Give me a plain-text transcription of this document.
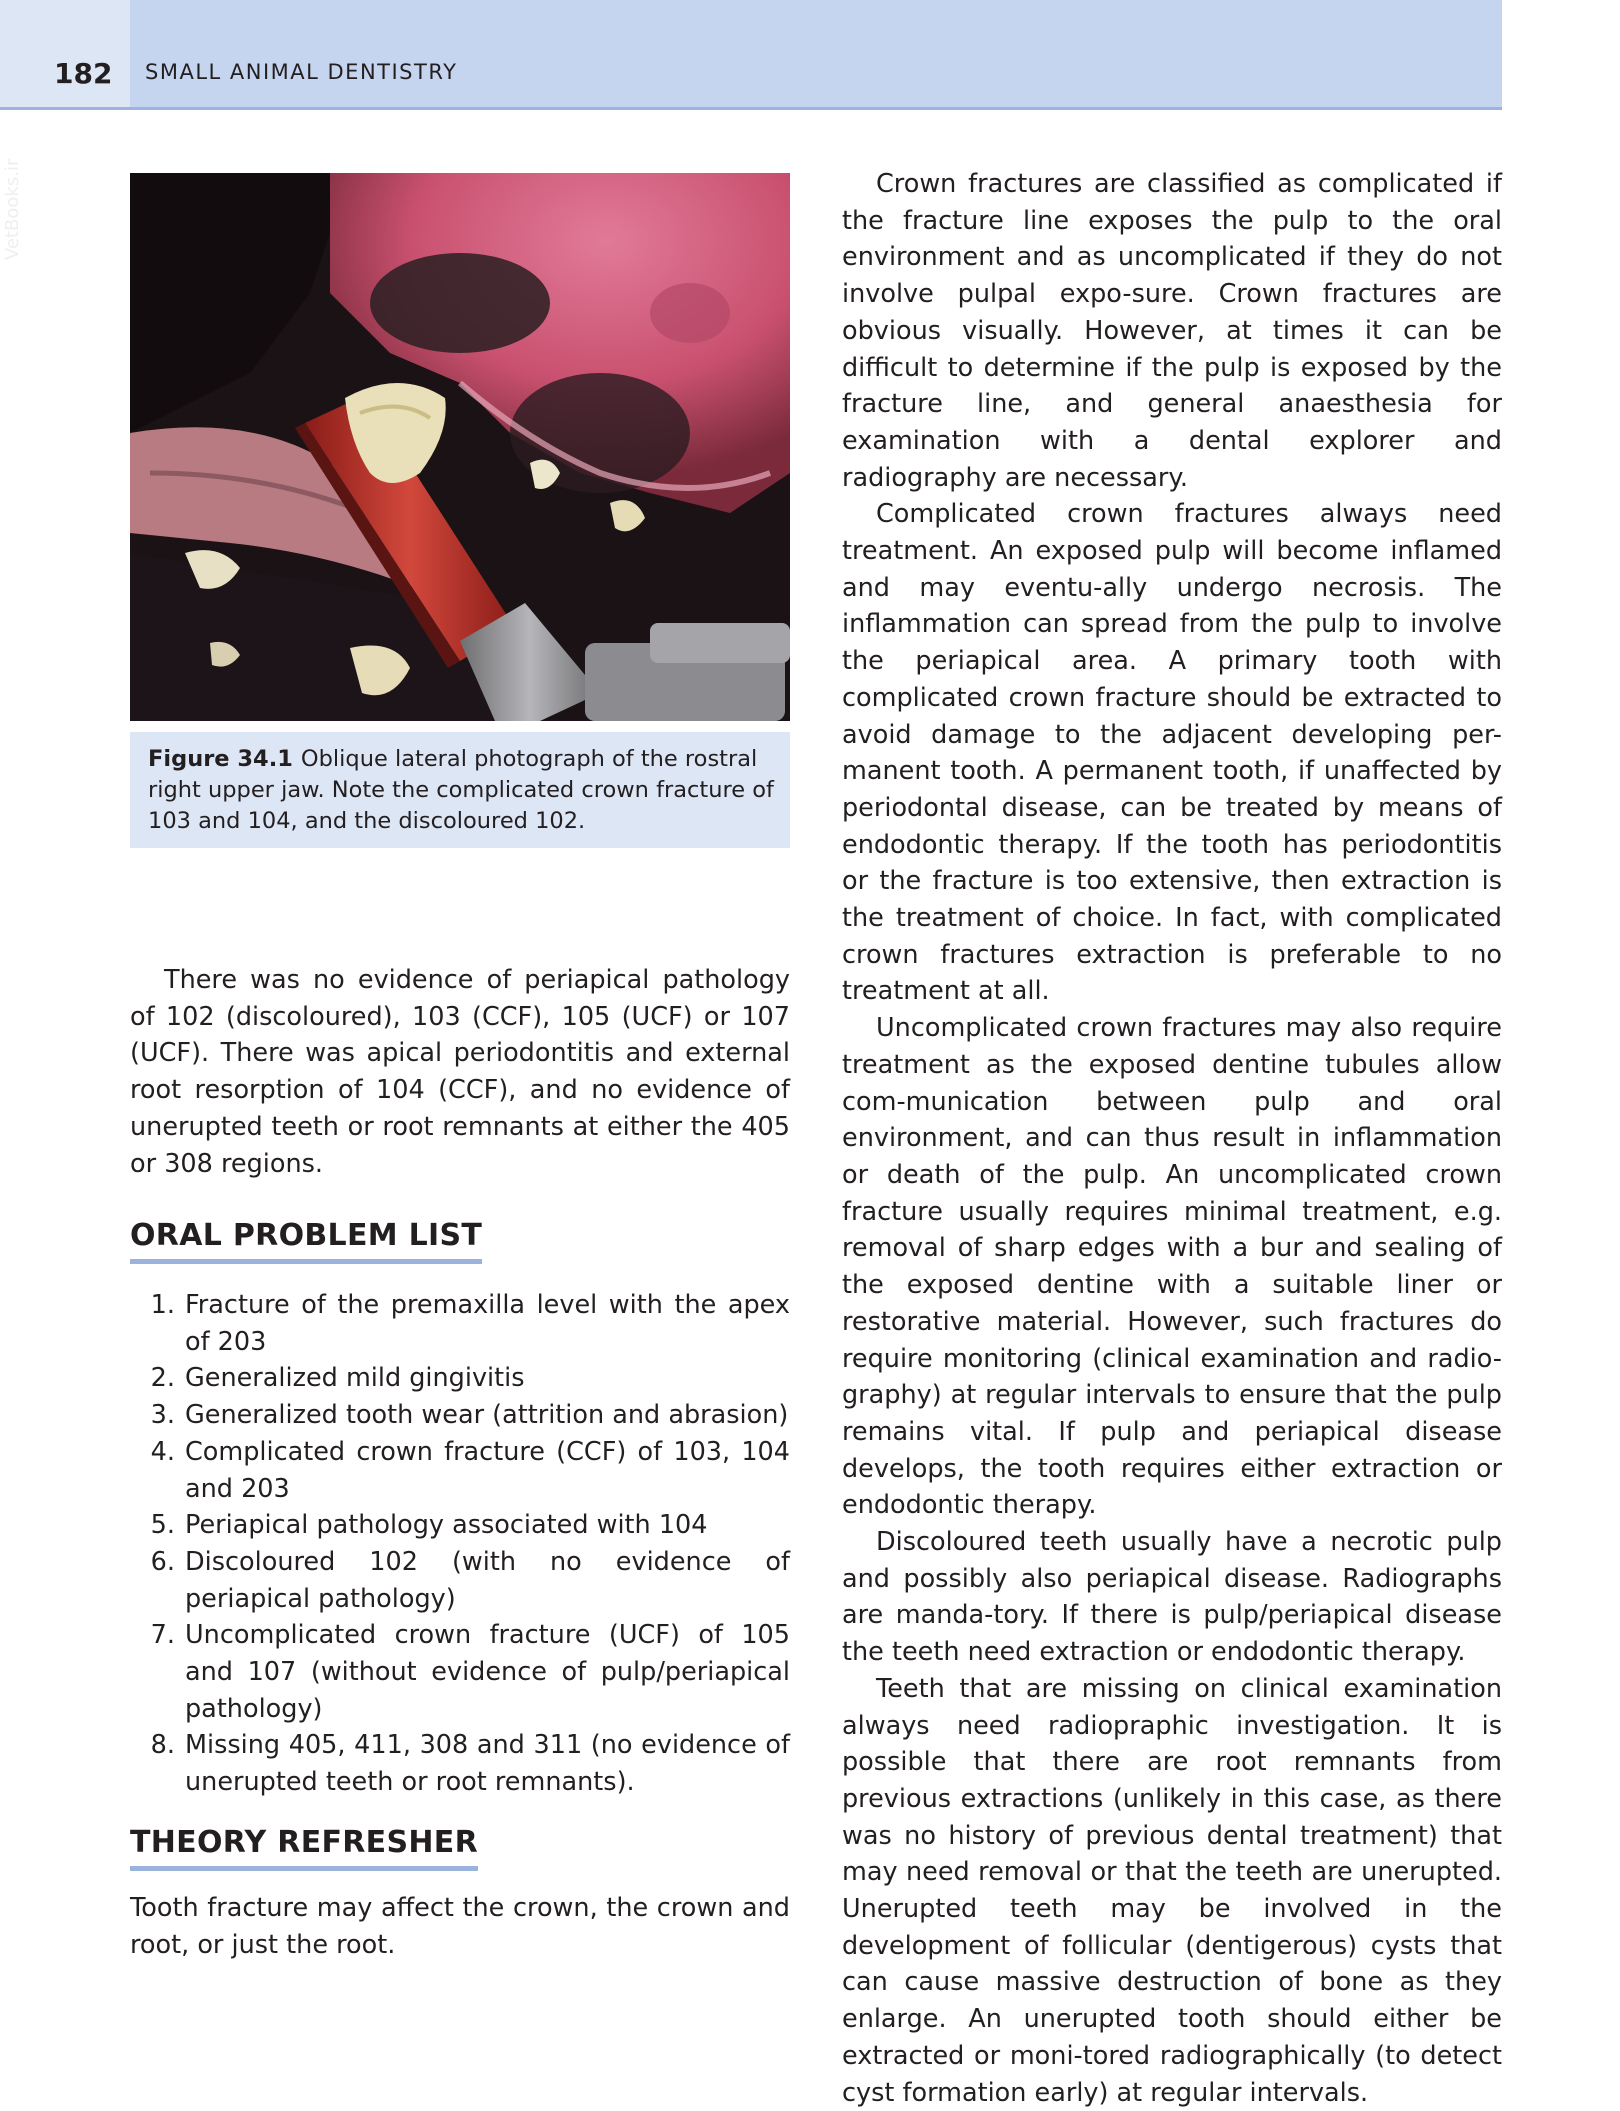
182 SMALL ANIMAL DENTISTRY
VetBooks.ir
Figure 34.1 Oblique lateral photograph of the rostral right upper jaw. Note the complicated crown fracture of 103 and 104, and the discoloured 102.

There was no evidence of periapical pathology of 102 (discoloured), 103 (CCF), 105 (UCF) or 107 (UCF). There was apical periodontitis and external root resorption of 104 (CCF), and no evidence of unerupted teeth or root remnants at either the 405 or 308 regions.

ORAL PROBLEM LIST
1. Fracture of the premaxilla level with the apex of 203
2. Generalized mild gingivitis
3. Generalized tooth wear (attrition and abrasion)
4. Complicated crown fracture (CCF) of 103, 104 and 203
5. Periapical pathology associated with 104
6. Discoloured 102 (with no evidence of periapical pathology)
7. Uncomplicated crown fracture (UCF) of 105 and 107 (without evidence of pulp/periapical pathology)
8. Missing 405, 411, 308 and 311 (no evidence of unerupted teeth or root remnants).
THEORY REFRESHER

Tooth fracture may affect the crown, the crown and root, or just the root.

Crown fractures are classified as complicated if the fracture line exposes the pulp to the oral environment and as uncomplicated if they do not involve pulpal expo-sure. Crown fractures are obvious visually. However, at times it can be difficult to determine if the pulp is exposed by the fracture line, and general anaesthesia for examination with a dental explorer and radiography are necessary.

Complicated crown fractures always need treatment. An exposed pulp will become inflamed and may eventu-ally undergo necrosis. The inflammation can spread from the pulp to involve the periapical area. A primary tooth with complicated crown fracture should be extracted to avoid damage to the adjacent developing per-manent tooth. A permanent tooth, if unaffected by periodontal disease, can be treated by means of endodontic therapy. If the tooth has periodontitis or the fracture is too extensive, then extraction is the treatment of choice. In fact, with complicated crown fractures extraction is preferable to no treatment at all.

Uncomplicated crown fractures may also require treatment as the exposed dentine tubules allow com-munication between pulp and oral environment, and can thus result in inflammation or death of the pulp. An uncomplicated crown fracture usually requires minimal treatment, e.g. removal of sharp edges with a bur and sealing of the exposed dentine with a suitable liner or restorative material. However, such fractures do require monitoring (clinical examination and radio-graphy) at regular intervals to ensure that the pulp remains vital. If pulp and periapical disease develops, the tooth requires either extraction or endodontic therapy.

Discoloured teeth usually have a necrotic pulp and possibly also periapical disease. Radiographs are manda-tory. If there is pulp/periapical disease the teeth need extraction or endodontic therapy.

Teeth that are missing on clinical examination always need radiopraphic investigation. It is possible that there are root remnants from previous extractions (unlikely in this case, as there was no history of previous dental treatment) that may need removal or that the teeth are unerupted. Unerupted teeth may be involved in the development of follicular (dentigerous) cysts that can cause massive destruction of bone as they enlarge. An unerupted tooth should either be extracted or moni-tored radiographically (to detect cyst formation early) at regular intervals.
